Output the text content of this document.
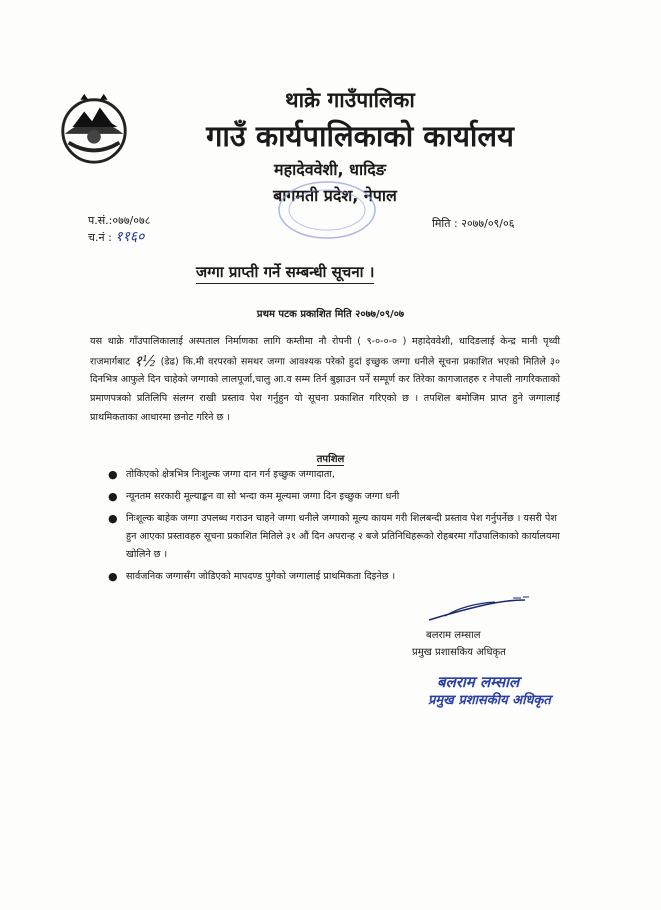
थाक्रे गाउँपालिका
गाउँ कार्यपालिकाको कार्यालय
महादेववेशी, धादिङ
बागमती प्रदेश, नेपाल
प.सं.:०७७/०७८
च.नं : ११६०
मिति : २०७७/०९/०६
जग्गा प्राप्ती गर्ने सम्बन्धी सूचना ।
प्रथम पटक प्रकाशित मिति २०७७/०९/०७
यस थाक्रे गाँउपालिकालाई अस्पताल निर्माणका लागि कम्तीमा नौ रोपनी ( ९-०-०-० ) महादेववेशी, धादिङलाई केन्द्र मानी पृथ्वी राजमार्गबाट १½ (डेढ) कि.मी वरपरको समथर जग्गा आवश्यक परेको हुदां इच्छुक जग्गा धनीले सूचना प्रकाशित भएको मितिले ३० दिनभित्र आफुले दिन चाहेको जग्गाको लालपूर्जा,चालु आ.व सम्म तिर्न बुझाउन पर्ने सम्पूर्ण कर तिरेका कागजातहरु र नेपाली नागरिकताको प्रमाणपत्रको प्रतिलिपि संलग्न राखी प्रस्ताव पेश गर्नुहुन यो सूचना प्रकाशित गरिएको छ । तपशिल बमोजिम प्राप्त हुने जग्गालाई प्राथमिकताका आधारमा छनोट गरिने छ ।
तपशिल
● तोकिएको क्षेत्रभित्र निःशुल्क जग्गा दान गर्न इच्छुक जग्गादाता,
● न्यूनतम सरकारी मूल्याङ्कन वा सो भन्दा कम मूल्यमा जग्गा दिन इच्छुक जग्गा धनी
● निःशूल्क बाहेक जग्गा उपलब्ध गराउन चाहने जग्गा धनीले जग्गाको मूल्य कायम गरी शिलबन्दी प्रस्ताव पेश गर्नुपर्नेछ । यसरी पेश हुन आएका प्रस्तावहरु सूचना प्रकाशित मितिले ३१ औं दिन अपरान्ह २ बजे प्रतिनिधिहरूको रोहबरमा गाँउपालिकाको कार्यालयमा खोलिने छ ।
● सार्वजनिक जग्गासँग जोडिएको मापदण्ड पुगेको जग्गालाई प्राथमिकता दिइनेछ ।
बलराम लम्साल
प्रमुख प्रशासकिय अधिकृत
बलराम लम्साल
प्रमुख प्रशासकीय अधिकृत
